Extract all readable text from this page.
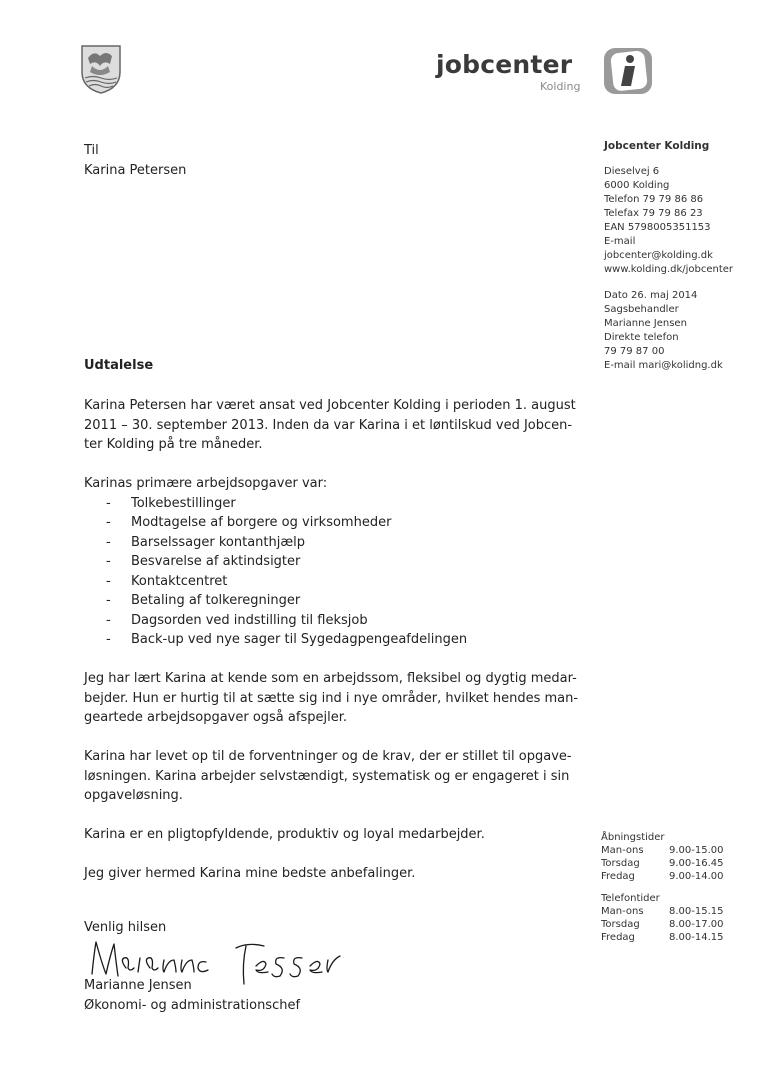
jobcenter
Kolding
Til
Karina Petersen
Jobcenter Kolding
Dieselvej 6
6000 Kolding
Telefon 79 79 86 86
Telefax 79 79 86 23
EAN 5798005351153
E-mail
jobcenter@kolding.dk
www.kolding.dk/jobcenter
Dato 26. maj 2014
Sagsbehandler
Marianne Jensen
Direkte telefon
79 79 87 00
E-mail mari@kolidng.dk
Udtalelse

Karina Petersen har været ansat ved Jobcenter Kolding i perioden 1. august
2011 – 30. september 2013. Inden da var Karina i et løntilskud ved Jobcen-
ter Kolding på tre måneder.

Karinas primære arbejdsopgaver var:
- Tolkebestillinger
- Modtagelse af borgere og virksomheder
- Barselssager kontanthjælp
- Besvarelse af aktindsigter
- Kontaktcentret
- Betaling af tolkeregninger
- Dagsorden ved indstilling til fleksjob
- Back-up ved nye sager til Sygedagpengeafdelingen

Jeg har lært Karina at kende som en arbejdssom, fleksibel og dygtig medar-
bejder. Hun er hurtig til at sætte sig ind i nye områder, hvilket hendes man-
geartede arbejdsopgaver også afspejler.

Karina har levet op til de forventninger og de krav, der er stillet til opgave-
løsningen. Karina arbejder selvstændigt, systematisk og er engageret i sin
opgaveløsning.

Karina er en pligtopfyldende, produktiv og loyal medarbejder.

Jeg giver hermed Karina mine bedste anbefalinger.

Åbningstider
Man-ons	9.00-15.00
Torsdag	9.00-16.45
Fredag	9.00-14.00
Telefontider
Man-ons	8.00-15.15
Torsdag	8.00-17.00
Fredag	8.00-14.15
Venlig hilsen
Marianne Jensen
Økonomi- og administrationschef
